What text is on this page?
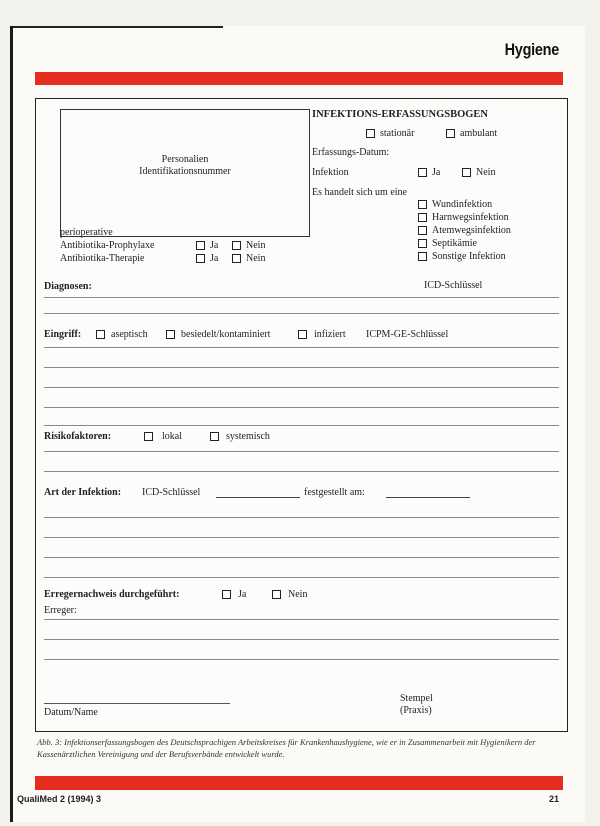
Hygiene
Personalien
Identifikationsnummer
INFEKTIONS-ERFASSUNGSBOGEN
stationär	ambulant
Erfassungs-Datum:
Infektion	Ja	Nein
Es handelt sich um eine
Wundinfektion
Harnwegsinfektion
Atemwegsinfektion
Septikämie
Sonstige Infektion
perioperative
Antibiotika-Prophylaxe	Ja	Nein
Antibiotika-Therapie	Ja	Nein
Diagnosen:	ICD-Schlüssel
Eingriff:	aseptisch	besiedelt/kontaminiert	infiziert ICPM-GE-Schlüssel
Risikofaktoren:	lokal	systemisch
Art der Infektion: ICD-Schlüssel	festgestellt am:
Erregernachweis durchgeführt:	Ja	Nein
Erreger:
Datum/Name
Stempel
(Praxis)
Abb. 3: Infektionserfassungsbogen des Deutschsprachigen Arbeitskreises für Krankenhaushygiene, wie er in Zusammenarbeit mit Hygienikern der Kassenärztlichen Vereinigung und der Berufsverbände entwickelt wurde.
QualiMed 2 (1994) 3	21
